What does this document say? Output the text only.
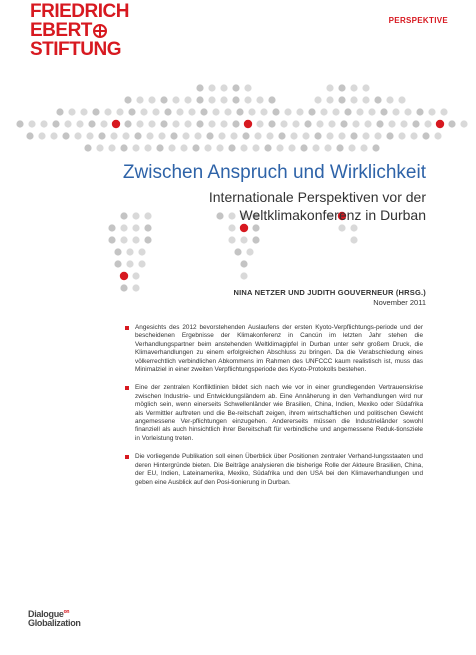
FRIEDRICH
EBERT
STIFTUNG
PERSPEKTIVE
Zwischen Anspruch und Wirklichkeit
Internationale Perspektiven vor der
Weltklimakonferenz in Durban
NINA NETZER UND JUDITH GOUVERNEUR (HRSG.)
November 2011
Angesichts des 2012 bevorstehenden Auslaufens der ersten Kyoto-Verpflichtungs-periode und der bescheidenen Ergebnisse der Klimakonferenz in Cancún im letzten Jahr stehen die Verhandlungspartner beim anstehenden Weltklimagipfel in Durban unter sehr großem Druck, die Klimaverhandlungen zu einem erfolgreichen Abschluss zu bringen. Da die Verabschiedung eines völkerrechtlich verbindlichen Abkommens im Rahmen des UNFCCC kaum realistisch ist, muss das Minimalziel in einer zweiten Verpflichtungsperiode des Kyoto-Protokolls bestehen.
Eine der zentralen Konfliktlinien bildet sich nach wie vor in einer grundlegenden Vertrauenskrise zwischen Industrie- und Entwicklungsländern ab. Eine Annäherung in den Verhandlungen wird nur möglich sein, wenn einerseits Schwellenländer wie Brasilien, China, Indien, Mexiko oder Südafrika als Vermittler auftreten und die Be-reitschaft zeigen, ihrem wirtschaftlichen und politischen Gewicht angemessene Ver-pflichtungen einzugehen. Andererseits müssen die Industrieländer sowohl finanziell als auch hinsichtlich ihrer Bereitschaft für verbindliche und angemessene Reduk-tionsziele in Vorleistung treten.
Die vorliegende Publikation soll einen Überblick über Positionen zentraler Verhand-lungsstaaten und deren Hintergründe bieten. Die Beiträge analysieren die bisherige Rolle der Akteure Brasilien, China, der EU, Indien, Lateinamerika, Mexiko, Südafrika und den USA bei den Klimaverhandlungen und geben eine Ausblick auf den Posi-tionierung in Durban.
Dialogue$^{on}$
Globalization
